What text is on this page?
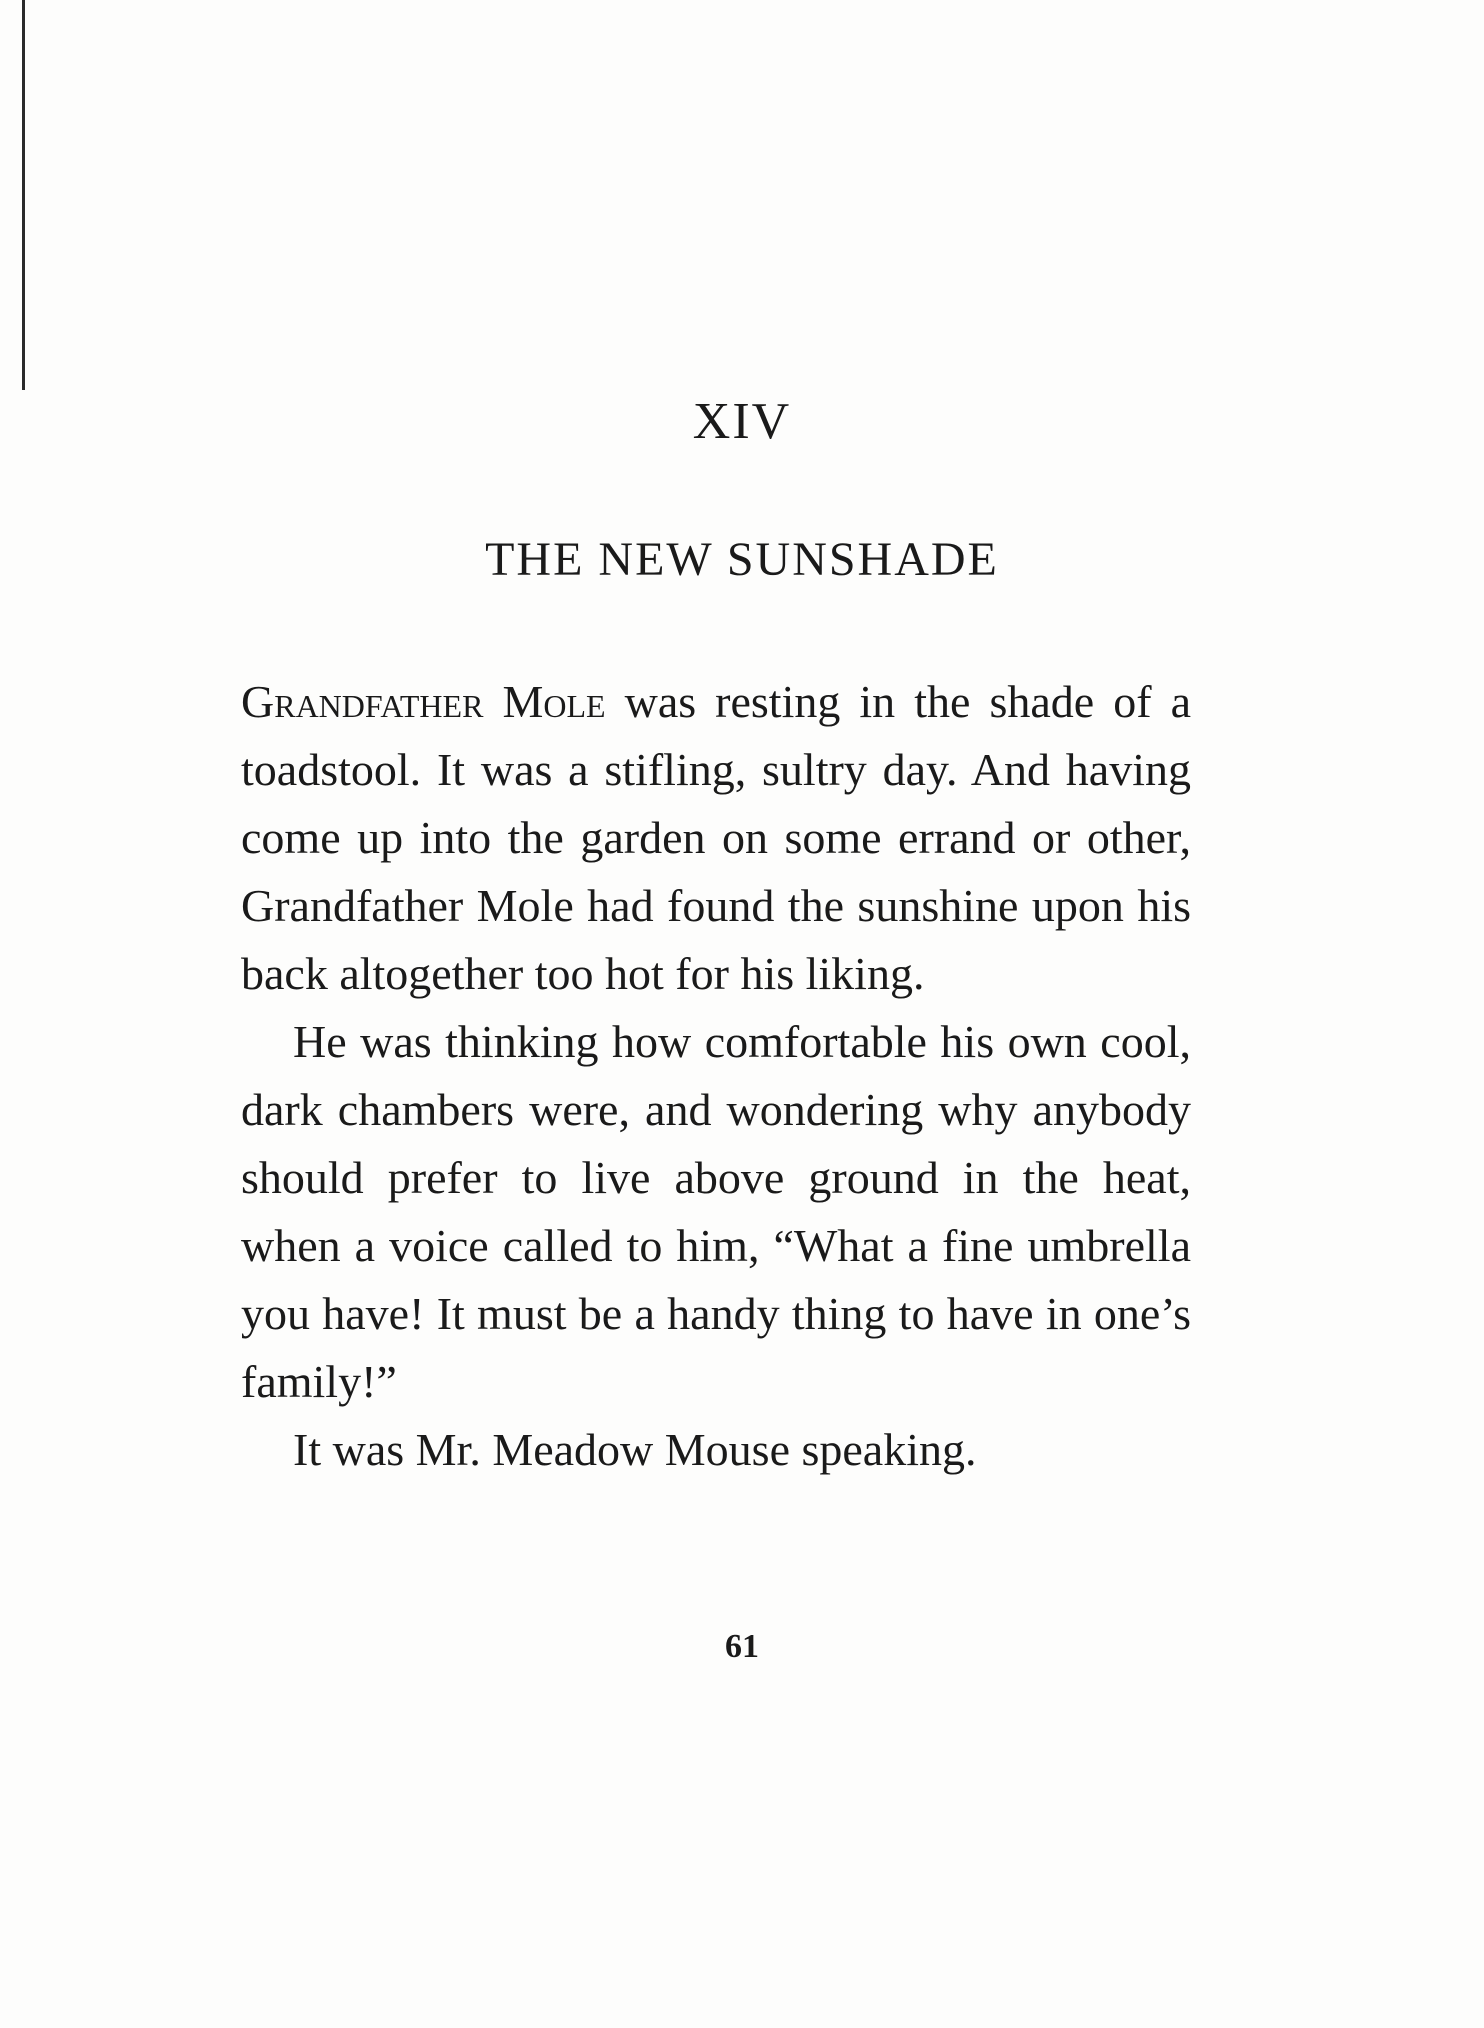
XIV
THE NEW SUNSHADE

Grandfather Mole was resting in the shade of a toadstool. It was a stifling, sultry day. And having come up into the garden on some errand or other, Grandfather Mole had found the sunshine upon his back altogether too hot for his liking.

He was thinking how comfortable his own cool, dark chambers were, and wondering why anybody should prefer to live above ground in the heat, when a voice called to him, “What a fine umbrella you have! It must be a handy thing to have in one’s family!”

It was Mr. Meadow Mouse speaking.

61
